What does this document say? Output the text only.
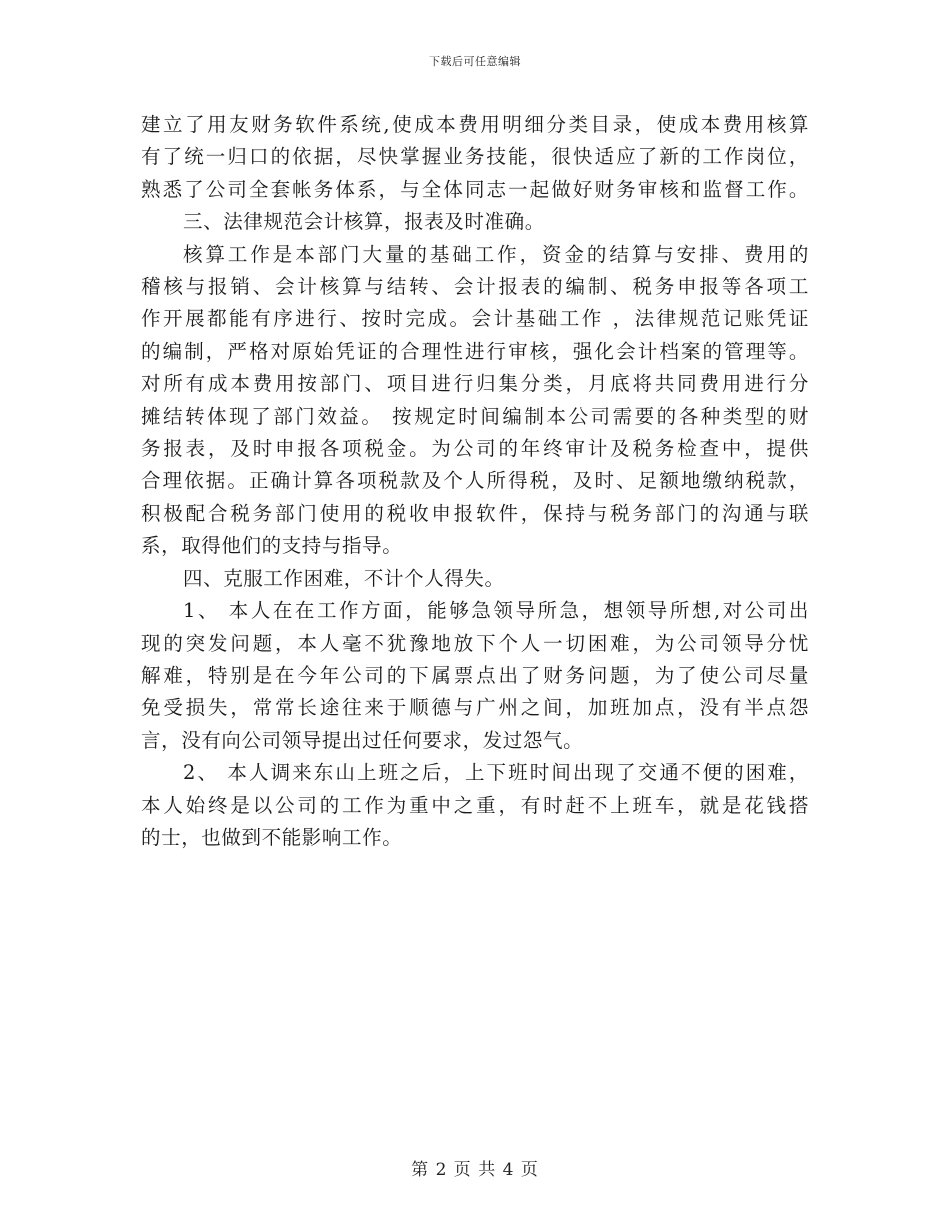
下载后可任意编辑
建立了用友财务软件系统,使成本费用明细分类目录，使成本费用核算
有了统一归口的依据，尽快掌握业务技能，很快适应了新的工作岗位，
熟悉了公司全套帐务体系，与全体同志一起做好财务审核和监督工作。
三、法律规范会计核算，报表及时准确。
核算工作是本部门大量的基础工作，资金的结算与安排、费用的
稽核与报销、会计核算与结转、会计报表的编制、税务申报等各项工
作开展都能有序进行、按时完成。会计基础工作 ，法律规范记账凭证
的编制，严格对原始凭证的合理性进行审核，强化会计档案的管理等。
对所有成本费用按部门、项目进行归集分类，月底将共同费用进行分
摊结转体现了部门效益。 按规定时间编制本公司需要的各种类型的财
务报表，及时申报各项税金。为公司的年终审计及税务检查中，提供
合理依据。正确计算各项税款及个人所得税，及时、足额地缴纳税款，
积极配合税务部门使用的税收申报软件，保持与税务部门的沟通与联
系，取得他们的支持与指导。
四、克服工作困难，不计个人得失。
1、 本人在在工作方面，能够急领导所急，想领导所想,对公司出
现的突发问题，本人毫不犹豫地放下个人一切困难，为公司领导分忧
解难，特别是在今年公司的下属票点出了财务问题，为了使公司尽量
免受损失，常常长途往来于顺德与广州之间，加班加点，没有半点怨
言，没有向公司领导提出过任何要求，发过怨气。
2、 本人调来东山上班之后，上下班时间出现了交通不便的困难，
本人始终是以公司的工作为重中之重，有时赶不上班车，就是花钱搭
的士，也做到不能影响工作。
第 2 页 共 4 页
